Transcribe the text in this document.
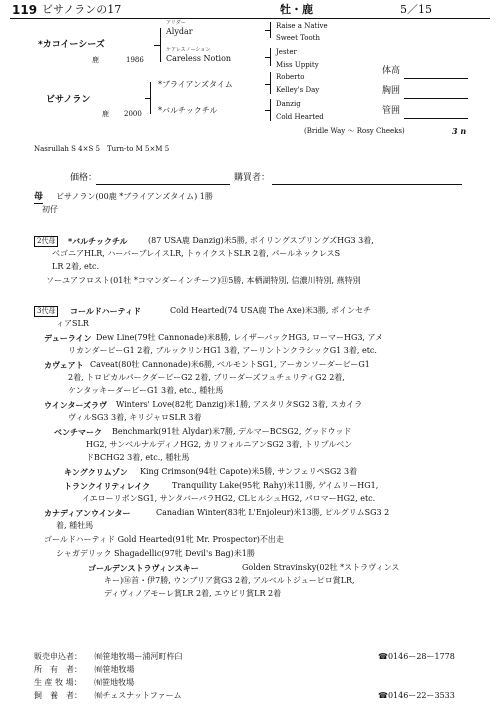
119 ビサノランの17	牡・鹿	5／15
*カコイーシーズ
鹿	1986
アリダー
Alydar
ケアレスノーション
Careless Notion
ビサノラン
鹿 2000
*ブライアンズタイム
*バルチックチル
Raise a Native
Sweet Tooth
Jester
Miss Uppity
Roberto
Kelley's Day
Danzig
Cold Hearted
体高
胸囲
管囲
(Bridle Way ～ Rosy Cheeks)	3 n
Nasrullah S 4×S 5　Turn-to M 5×M 5
価格：	購買者：
母 ビサノラン(00鹿 *ブライアンズタイム) 1勝
初仔
2代母	*バルチックチル	(87 USA鹿 Danzig)米5勝, ボイリングスプリングズHG3 3着,
ベゴニアHLR, ハーバーブレイスLR, トゥイクストSLR 2着, パールネックレスS
LR 2着, etc.
ソーユアフロスト(01牡 *コマンダーインチーフ)⑪5勝, 本栖湖特別, 信濃川特別, 燕特別
3代母	コールドハーティド	Cold Hearted(74 USA鹿 The Axe)米3勝, ポインセチ
ィアSLR
デューライン Dew Line(79牡 Cannonade)米8勝, レイザーバックHG3, ローマーHG3, アメ
リカンダービーG1 2着, ブルックリンHG1 3着, アーリントンクラシックG1 3着, etc.
カヴェアト Caveat(80牡 Cannonade)米6勝, ベルモントSG1, アーカンソーダービーG1
2着, トロピカルパークダービーG2 2着, ブリーダーズフュチュリティG2 2着,
ケンタッキーダービーG1 3着, etc., 種牡馬
ウインターズラヴ Winters' Love(82牝 Danzig)米1勝, アスタリタSG2 3着, スカイラ
ヴィルSG3 3着, キリジャロSLR 3着
ベンチマーク Benchmark(91牡 Alydar)米7勝, デルマーBCSG2, グッドウッド
HG2, サンベルナルディノHG2, カリフォルニアンSG2 3着, トリプルベン
ドBCHG2 3着, etc., 種牡馬
キングクリムゾン King Crimson(94牡 Capote)米5勝, サンフェリペSG2 3着
トランクイリティレイク	Tranquility Lake(95牝 Rahy)米11勝, ゲイムリーHG1,
イエローリボンSG1, サンタバーバラHG2, CLヒルシュHG2, パロマーHG2, etc.
カナディアンウインター	Canadian Winter(83牝 L'Enjoleur)米13勝, ピルグリムSG3 2
着, 種牡馬
ゴールドハーティド Gold Hearted(91牝 Mr. Prospector)不出走
シャガデリック Shagadellic(97牝 Devil's Bag)米1勝
ゴールデンストラヴィンスキー	Golden Stravinsky(02牡 *ストラヴィンス
キー)⑯首・伊7勝, ウンブリア賞G3 2着, アルベルトジューピロ賞LR,
ディヴィノアモーレ賞LR 2着, エウビリ賞LR 2着
販売申込者： ㈲笹地牧場ー浦河町杵臼	☎0146ー28ー1778
所　有　者： ㈲笹地牧場
生 産 牧 場： ㈲笹地牧場
飼　養　者： ㈲チェスナットファーム	☎0146ー22ー3533
